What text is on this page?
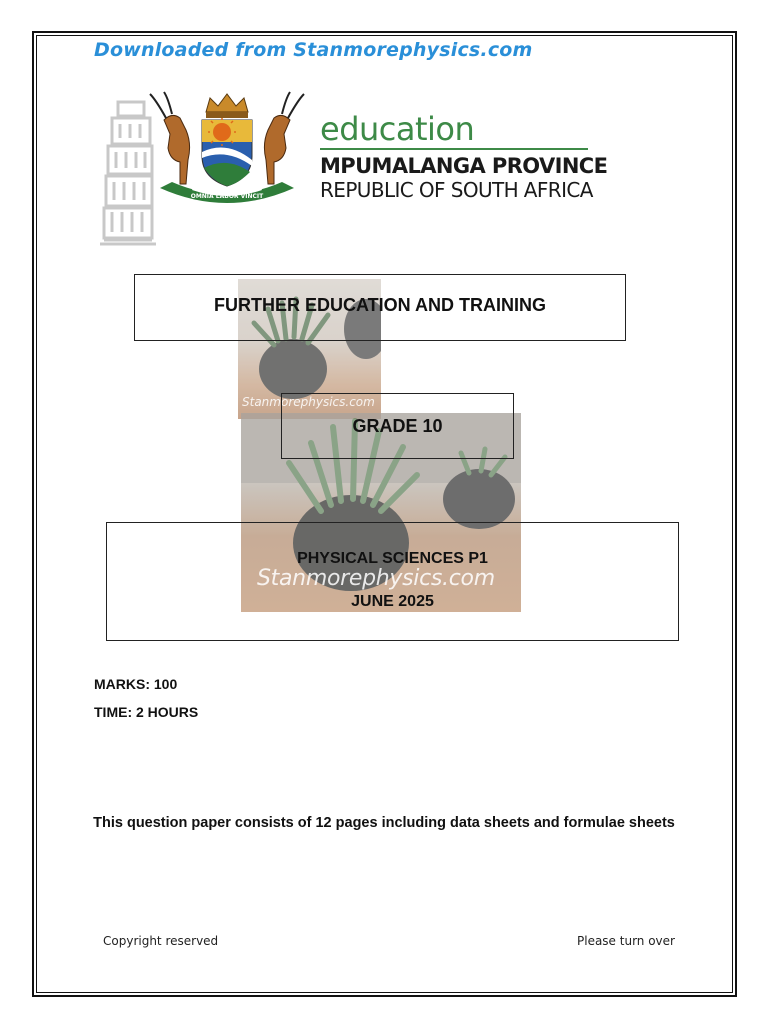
Downloaded from Stanmorephysics.com
OMNIA LABOR VINCIT
education
MPUMALANGA PROVINCE
REPUBLIC OF SOUTH AFRICA
Stanmorephysics.com
Stanmorephysics.com
FURTHER EDUCATION AND TRAINING
GRADE 10
PHYSICAL SCIENCES P1
JUNE 2025
MARKS: 100
TIME: 2 HOURS
This question paper consists of 12 pages including data sheets and formulae sheets
Copyright reserved	Please turn over
